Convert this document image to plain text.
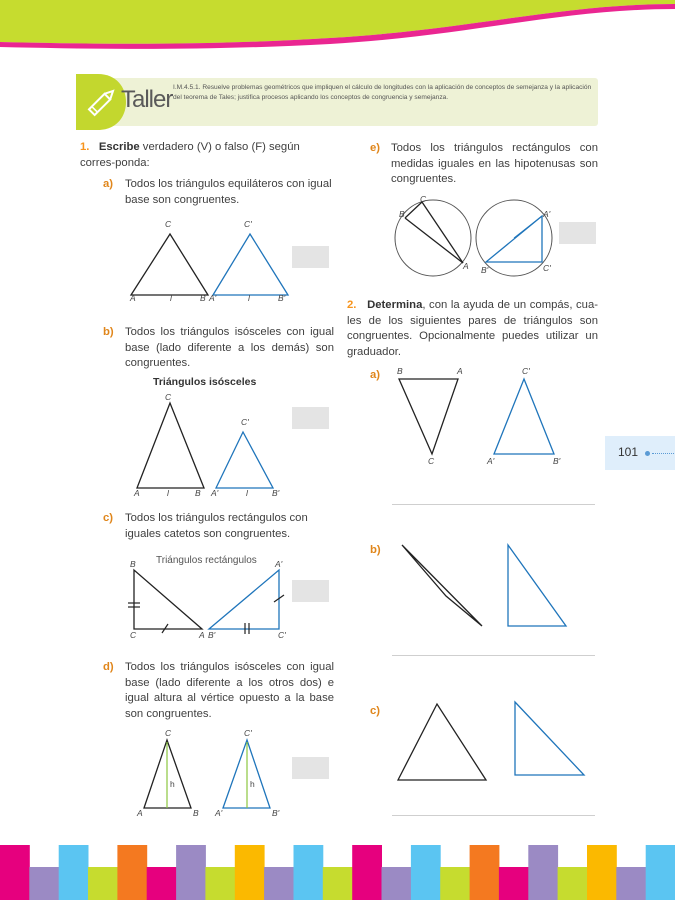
Taller I.M.4.5.1. Resuelve problemas geométricos que impliquen el cálculo de longitudes con la aplicación de conceptos de semejanza y la aplicación del teorema de Tales; justifica procesos aplicando los conceptos de congruencia y semejanza.
1. Escribe verdadero (V) o falso (F) según corres-ponda:
a) Todos los triángulos equiláteros con igual base son congruentes.
C	C'
A	l	B A'	l	B'
b) Todos los triángulos isósceles con igual base (lado diferente a los demás) son congruentes.
Triángulos isósceles
C
C'
A	l	B A'	l	B'
c) Todos los triángulos rectángulos con iguales catetos son congruentes.
Triángulos rectángulos
B	A'
C	A B'	C'
d) Todos los triángulos isósceles con igual base (lado diferente a los otros dos) e igual altura al vértice opuesto a la base son congruentes.
C	C'
h	h
A	B A'	B'
e) Todos los triángulos rectángulos con medidas iguales en las hipotenusas son congruentes.
C
B
A
A'
B'	C'
2. Determina, con la ayuda de un compás, cua-les de los siguientes pares de triángulos son congruentes. Opcionalmente puedes utilizar un graduador.
a) B	A
C
C'
A'	B'
b)
c)
101
